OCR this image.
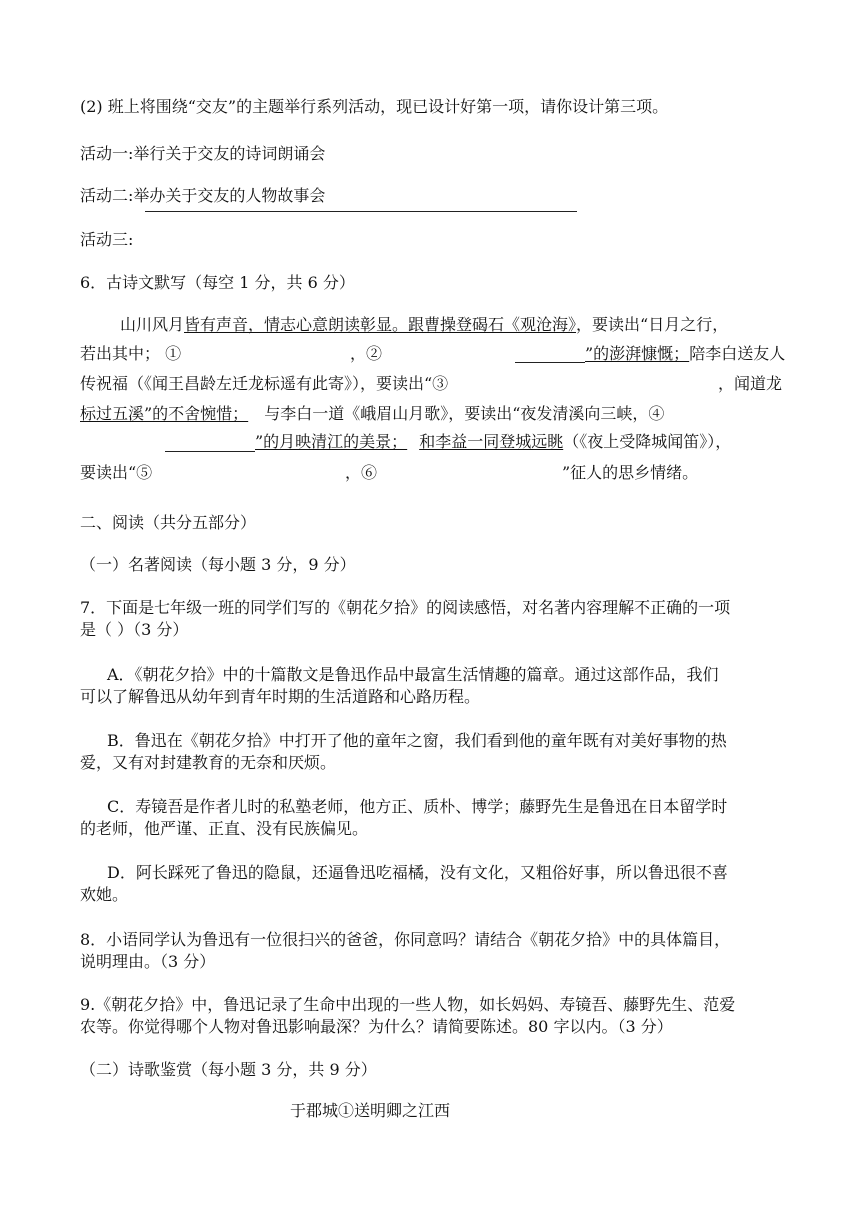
(2) 班上将围绕“交友”的主题举行系列活动，现已设计好第一项，请你设计第三项。
活动一:举行关于交友的诗词朗诵会
活动二:举办关于交友的人物故事会
活动三:
6．古诗文默写（每空 1 分，共 6 分）
山川风月皆有声音，情志心意朗读彰显。跟曹操登碣石《观沧海》，要读出“日月之行，
若出其中； ①	，②	”的澎湃慷慨；陪李白送友人
传祝福（《闻王昌龄左迁龙标遥有此寄》），要读出“③	，闻道龙
标过五溪”的不舍惋惜； 与李白一道《峨眉山月歌》，要读出“夜发清溪向三峡，④
”的月映清江的美景； 和李益一同登城远眺（《夜上受降城闻笛》），
要读出“⑤	，⑥	”征人的思乡情绪。
二、阅读（共分五部分）
（一）名著阅读（每小题 3 分，9 分）
7．下面是七年级一班的同学们写的《朝花夕拾》的阅读感悟，对名著内容理解不正确的一项
是（ ）（3 分）
A．《朝花夕拾》中的十篇散文是鲁迅作品中最富生活情趣的篇章。通过这部作品，我们
可以了解鲁迅从幼年到青年时期的生活道路和心路历程。
B．鲁迅在《朝花夕拾》中打开了他的童年之窗，我们看到他的童年既有对美好事物的热
爱，又有对封建教育的无奈和厌烦。
C．寿镜吾是作者儿时的私塾老师，他方正、质朴、博学；藤野先生是鲁迅在日本留学时
的老师，他严谨、正直、没有民族偏见。
D．阿长踩死了鲁迅的隐鼠，还逼鲁迅吃福橘，没有文化，又粗俗好事，所以鲁迅很不喜
欢她。
8．小语同学认为鲁迅有一位很扫兴的爸爸，你同意吗？请结合《朝花夕拾》中的具体篇目，
说明理由。（3 分）
9.《朝花夕拾》中，鲁迅记录了生命中出现的一些人物，如长妈妈、寿镜吾、藤野先生、范爱
农等。你觉得哪个人物对鲁迅影响最深？为什么？请简要陈述。80 字以内。（3 分）
（二）诗歌鉴赏（每小题 3 分，共 9 分）
于郡城①送明卿之江西
